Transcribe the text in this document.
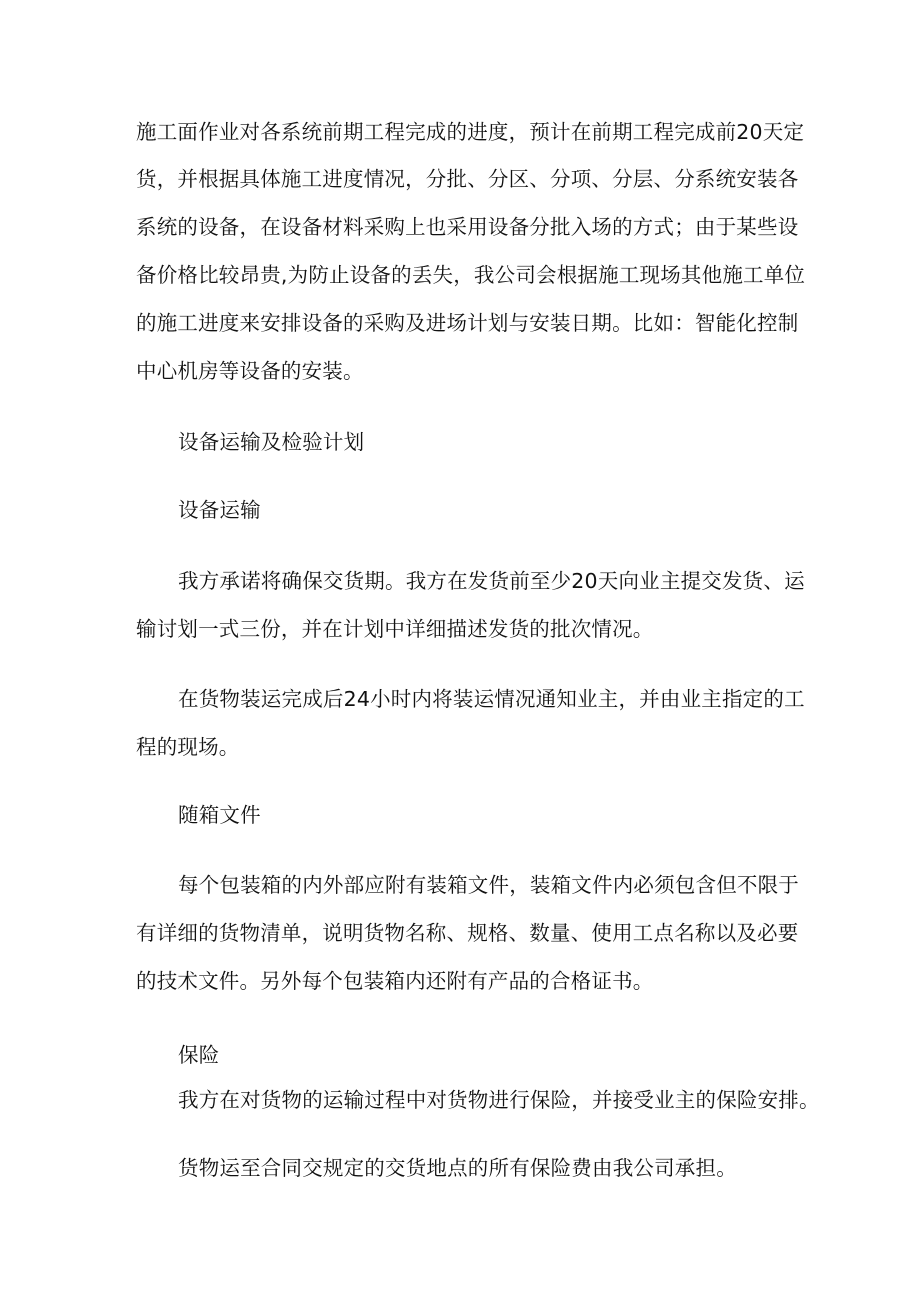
施工面作业对各系统前期工程完成的进度，预计在前期工程完成前20天定
货，并根据具体施工进度情况，分批、分区、分项、分层、分系统安装各
系统的设备，在设备材料采购上也采用设备分批入场的方式；由于某些设
备价格比较昂贵,为防止设备的丢失，我公司会根据施工现场其他施工单位
的施工进度来安排设备的采购及进场计划与安装日期。比如：智能化控制
中心机房等设备的安装。
设备运输及检验计划
设备运输
我方承诺将确保交货期。我方在发货前至少20天向业主提交发货、运
输讨划一式三份，并在计划中详细描述发货的批次情况。
在货物装运完成后24小时内将装运情况通知业主，并由业主指定的工
程的现场。
随箱文件
每个包装箱的内外部应附有装箱文件，装箱文件内必须包含但不限于
有详细的货物清单，说明货物名称、规格、数量、使用工点名称以及必要
的技术文件。另外每个包装箱内还附有产品的合格证书。
保险
我方在对货物的运输过程中对货物进行保险，并接受业主的保险安排。
货物运至合同交规定的交货地点的所有保险费由我公司承担。
